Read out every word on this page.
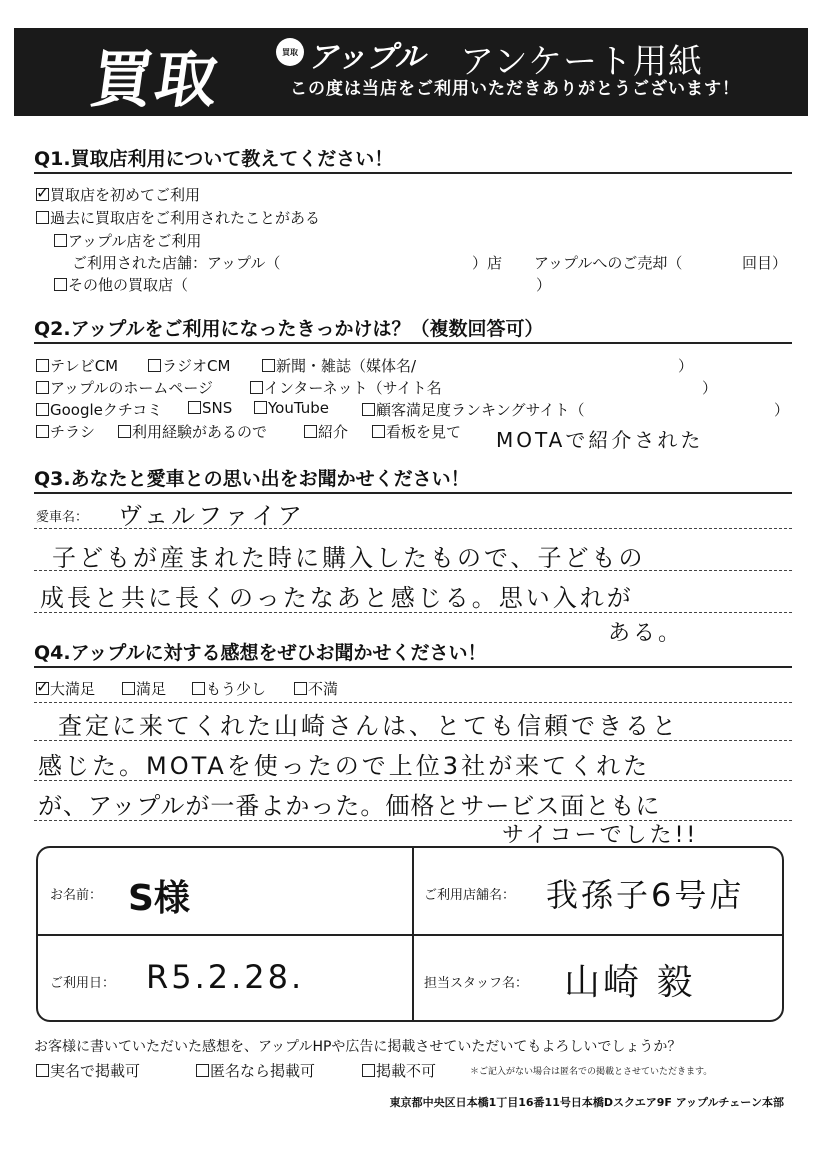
買取	買取 アップル アンケート用紙
この度は当店をご利用いただきありがとうございます！
Q1.買取店利用について教えてください！
✓買取店を初めてご利用
過去に買取店をご利用されたことがある
アップル店をご利用
ご利用された店舗：アップル（	）店 アップルへのご売却（	回目）
その他の買取店（	）
Q2.アップルをご利用になったきっかけは？（複数回答可）
テレビCM	ラジオCM	新聞・雑誌（媒体名/	）
アップルのホームページ	インターネット（サイト名	）
Googleクチコミ	SNS	YouTube	顧客満足度ランキングサイト（	）
チラシ	利用経験があるので	紹介	看板を見て MOTAで紹介された
Q3.あなたと愛車との思い出をお聞かせください！
愛車名： ヴェルファイア
子どもが産まれた時に購入したもので、子どもの
成長と共に長くのったなあと感じる。思い入れが
ある。
Q4.アップルに対する感想をぜひお聞かせください！
✓大満足	満足	もう少し	不満
査定に来てくれた山崎さんは、とても信頼できると
感じた。MOTAを使ったので上位3社が来てくれた
が、アップルが一番よかった。価格とサービス面ともに
サイコーでした!!
お名前： S様	ご利用店舗名： 我孫子6号店
ご利用日： R5.2.28.	担当スタッフ名： 山崎 毅
お客様に書いていただいた感想を、アップルHPや広告に掲載させていただいてもよろしいでしょうか？
実名で掲載可	匿名なら掲載可	掲載不可	＊ご記入がない場合は匿名での掲載とさせていただきます。
東京都中央区日本橋1丁目16番11号日本橋Dスクエア9F アップルチェーン本部
